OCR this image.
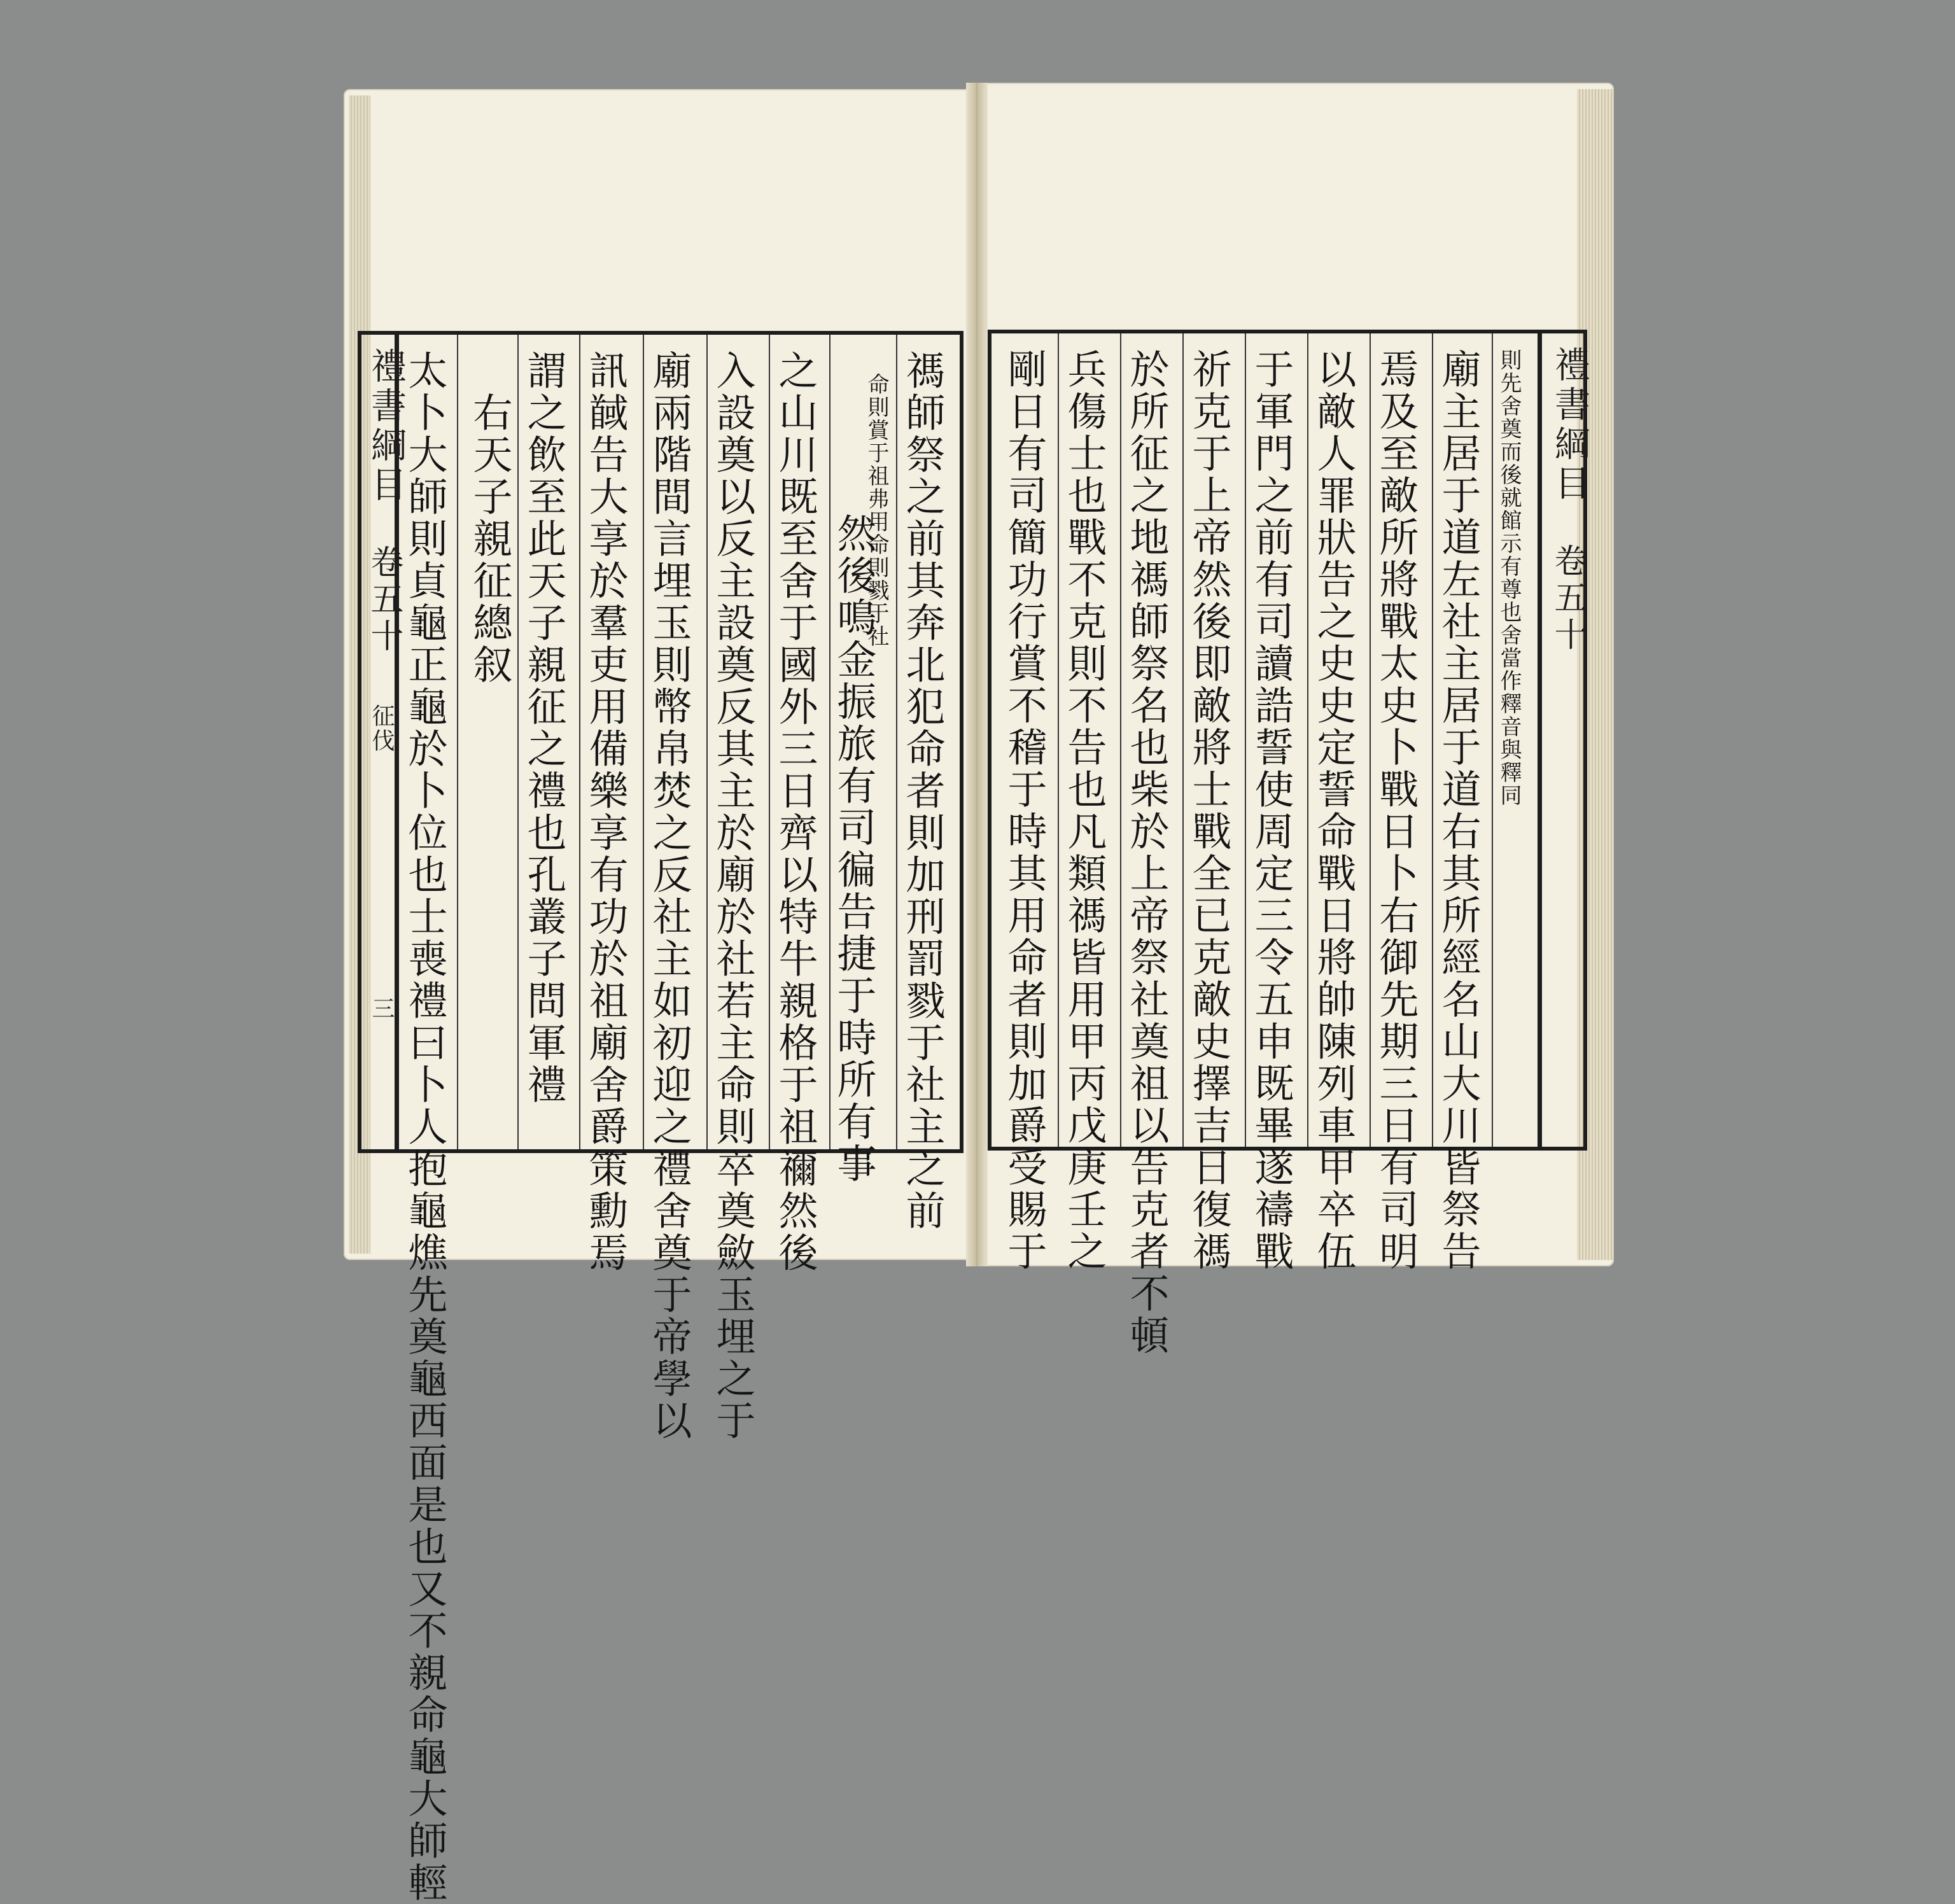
禡師祭之前其奔北犯命者則加刑罰戮于社主之前
命則賞于祖弗用命則戮于社
然後鳴金振旅有司徧告捷于時所有事
之山川既至舍于國外三日齊以特牛親格于祖禰然後
入設奠以反主設奠反其主於廟於社若主命則卒奠斂玉埋之于
廟兩階間言埋玉則幣帛焚之反社主如初迎之禮舍奠于帝學以
訊馘告大享於羣吏用備樂享有功於祖廟舍爵策勳焉
謂之飲至此天子親征之禮也孔叢子問軍禮
右天子親征總叙
太卜大師則貞龜正龜於卜位也士喪禮曰卜人抱龜燋先奠龜西面是也又不親命龜大師輕
禮書綱目
卷五十
征伐
三
禮書綱目
卷五十
則先舍奠而後就館示有尊也舍當作釋音與釋同
廟主居于道左社主居于道右其所經名山大川皆祭告
焉及至敵所將戰太史卜戰日卜右御先期三日有司明
以敵人罪狀告之史史定誓命戰日將帥陳列車甲卒伍
于軍門之前有司讀誥誓使周定三令五申既畢遂禱戰
祈克于上帝然後即敵將士戰全已克敵史擇吉日復禡
於所征之地禡師祭名也柴於上帝祭社奠祖以告克者不頓
兵傷士也戰不克則不告也凡類禡皆用甲丙戊庚壬之
剛日有司簡功行賞不稽于時其用命者則加爵受賜于
